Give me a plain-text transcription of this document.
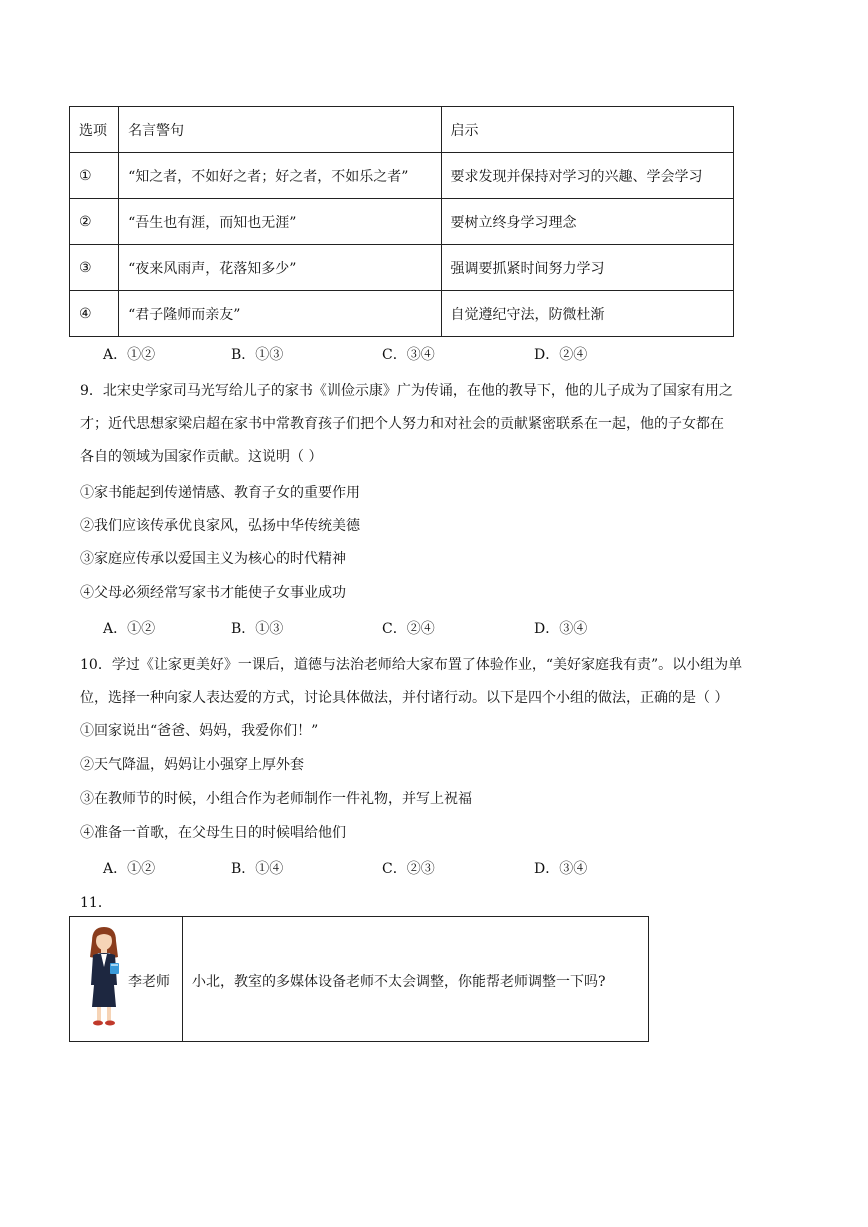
选项	名言警句	启示
①	“知之者，不如好之者；好之者，不如乐之者”	要求发现并保持对学习的兴趣、学会学习
②	“吾生也有涯，而知也无涯”	要树立终身学习理念
③	“夜来风雨声，花落知多少”	强调要抓紧时间努力学习
④	“君子隆师而亲友”	自觉遵纪守法，防微杜渐
A．①②	B．①③	C．③④	D．②④
9．北宋史学家司马光写给儿子的家书《训俭示康》广为传诵，在他的教导下，他的儿子成为了国家有用之
才；近代思想家梁启超在家书中常教育孩子们把个人努力和对社会的贡献紧密联系在一起，他的子女都在
各自的领域为国家作贡献。这说明（ ）
①家书能起到传递情感、教育子女的重要作用
②我们应该传承优良家风，弘扬中华传统美德
③家庭应传承以爱国主义为核心的时代精神
④父母必须经常写家书才能使子女事业成功
A．①②	B．①③	C．②④	D．③④
10．学过《让家更美好》一课后，道德与法治老师给大家布置了体验作业，“美好家庭我有责”。以小组为单
位，选择一种向家人表达爱的方式，讨论具体做法，并付诸行动。以下是四个小组的做法，正确的是（ ）
①回家说出“爸爸、妈妈，我爱你们！”
②天气降温，妈妈让小强穿上厚外套
③在教师节的时候，小组合作为老师制作一件礼物，并写上祝福
④准备一首歌，在父母生日的时候唱给他们
A．①②	B．①④	C．②③	D．③④
11．
李老师 小北，教室的多媒体设备老师不太会调整，你能帮老师调整一下吗?
